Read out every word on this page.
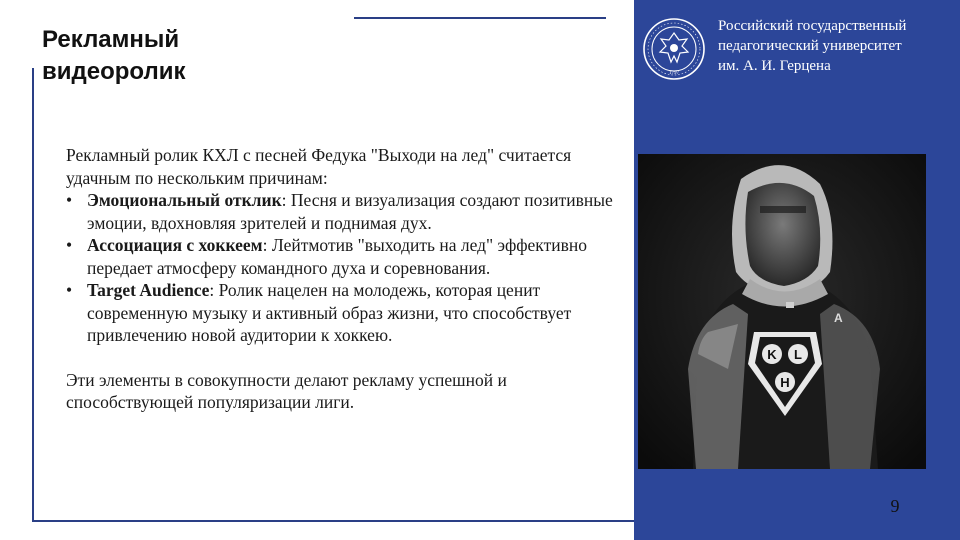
Рекламный
видеоролик

Рекламный ролик КХЛ с песней Федука "Выходи на лед" считается удачным по нескольким причинам:

• Эмоциональный отклик: Песня и визуализация создают позитивные эмоции, вдохновляя зрителей и поднимая дух.
• Ассоциация с хоккеем: Лейтмотив "выходить на лед" эффективно передает атмосферу командного духа и соревнования.
• Target Audience: Ролик нацелен на молодежь, которая ценит современную музыку и активный образ жизни, что способствует привлечению новой аудитории к хоккею.

Эти элементы в совокупности делают рекламу успешной и способствующей популяризации лиги.

1797
Российский государственный
педагогический университет
им. А. И. Герцена
K L
H
A
9
